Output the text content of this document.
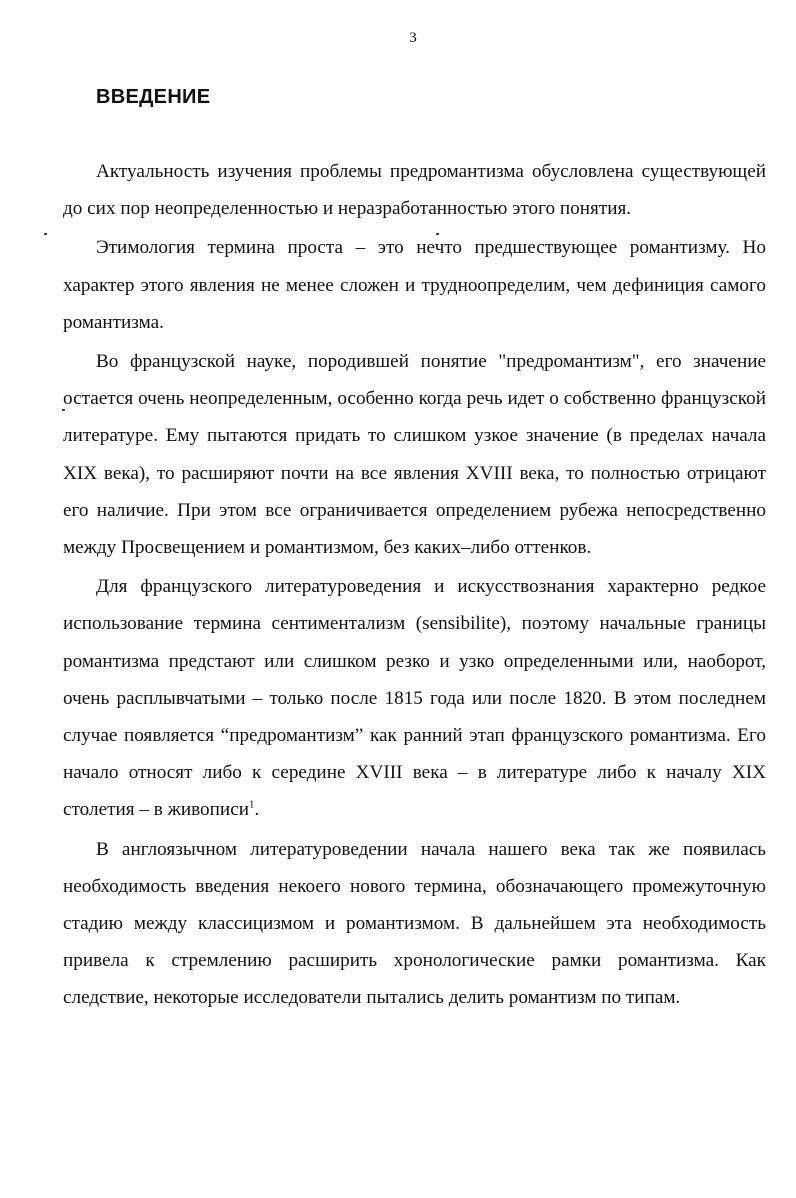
3
ВВЕДЕНИЕ

Актуальность изучения проблемы предромантизма обусловлена существующей до сих пор неопределенностью и неразработанностью этого понятия.

Этимология термина проста – это нечто предшествующее романтизму. Но характер этого явления не менее сложен и трудноопределим, чем дефиниция самого романтизма.

Во французской науке, породившей понятие "предромантизм", его значение остается очень неопределенным, особенно когда речь идет о собственно французской литературе. Ему пытаются придать то слишком узкое значение (в пределах начала XIX века), то расширяют почти на все явления XVIII века, то полностью отрицают его наличие. При этом все ограничивается определением рубежа непосредственно между Просвещением и романтизмом, без каких–либо оттенков.

Для французского литературоведения и искусствознания характерно редкое использование термина сентиментализм (sensibilite), поэтому начальные границы романтизма предстают или слишком резко и узко определенными или, наоборот, очень расплывчатыми – только после 1815 года или после 1820. В этом последнем случае появляется “предромантизм” как ранний этап французского романтизма. Его начало относят либо к середине XVIII века – в литературе либо к началу XIX столетия – в живописи$^1$.

В англоязычном литературоведении начала нашего века так же появилась необходимость введения некоего нового термина, обозначающего промежуточную стадию между классицизмом и романтизмом. В дальнейшем эта необходимость привела к стремлению расширить хронологические рамки романтизма. Как следствие, некоторые исследователи пытались делить романтизм по типам.
